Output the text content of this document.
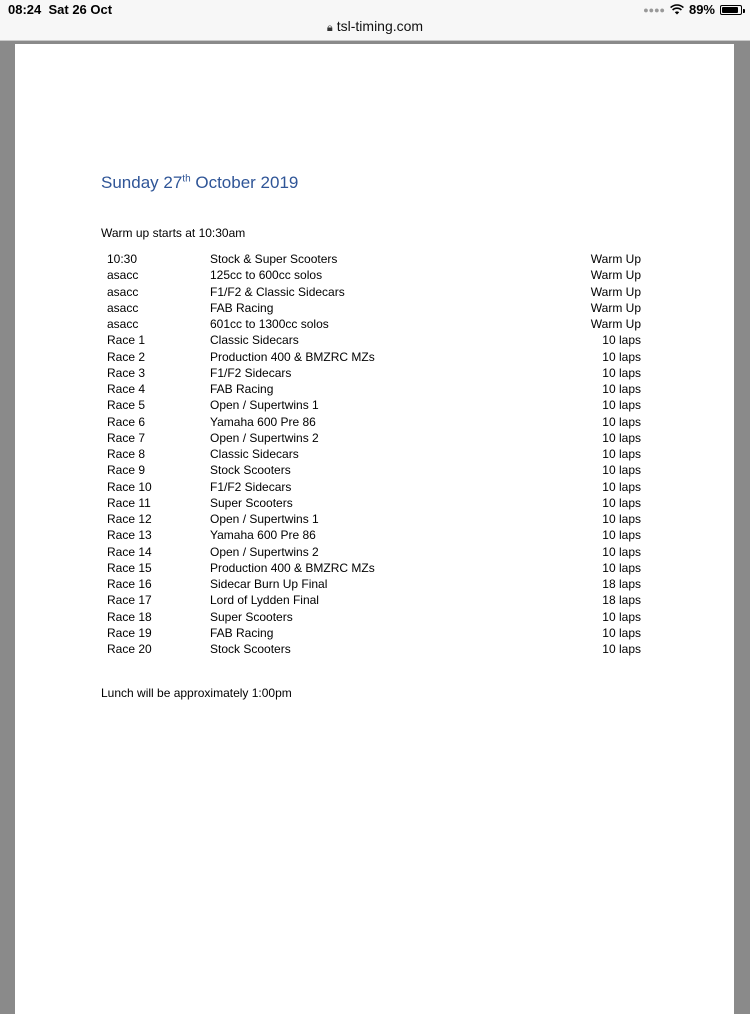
08:24 Sat 26 Oct	●●●● 89%
🔒︎ tsl-timing.com
Sunday 27th October 2019
Warm up starts at 10:30am
10:30	Stock & Super Scooters	Warm Up
asacc	125cc to 600cc solos	Warm Up
asacc	F1/F2 & Classic Sidecars	Warm Up
asacc	FAB Racing	Warm Up
asacc	601cc to 1300cc solos	Warm Up
Race 1	Classic Sidecars	10 laps
Race 2	Production 400 & BMZRC MZs	10 laps
Race 3	F1/F2 Sidecars	10 laps
Race 4	FAB Racing	10 laps
Race 5	Open / Supertwins 1	10 laps
Race 6	Yamaha 600 Pre 86	10 laps
Race 7	Open / Supertwins 2	10 laps
Race 8	Classic Sidecars	10 laps
Race 9	Stock Scooters	10 laps
Race 10	F1/F2 Sidecars	10 laps
Race 11	Super Scooters	10 laps
Race 12	Open / Supertwins 1	10 laps
Race 13	Yamaha 600 Pre 86	10 laps
Race 14	Open / Supertwins 2	10 laps
Race 15	Production 400 & BMZRC MZs	10 laps
Race 16	Sidecar Burn Up Final	18 laps
Race 17	Lord of Lydden Final	18 laps
Race 18	Super Scooters	10 laps
Race 19	FAB Racing	10 laps
Race 20	Stock Scooters	10 laps
Lunch will be approximately 1:00pm
